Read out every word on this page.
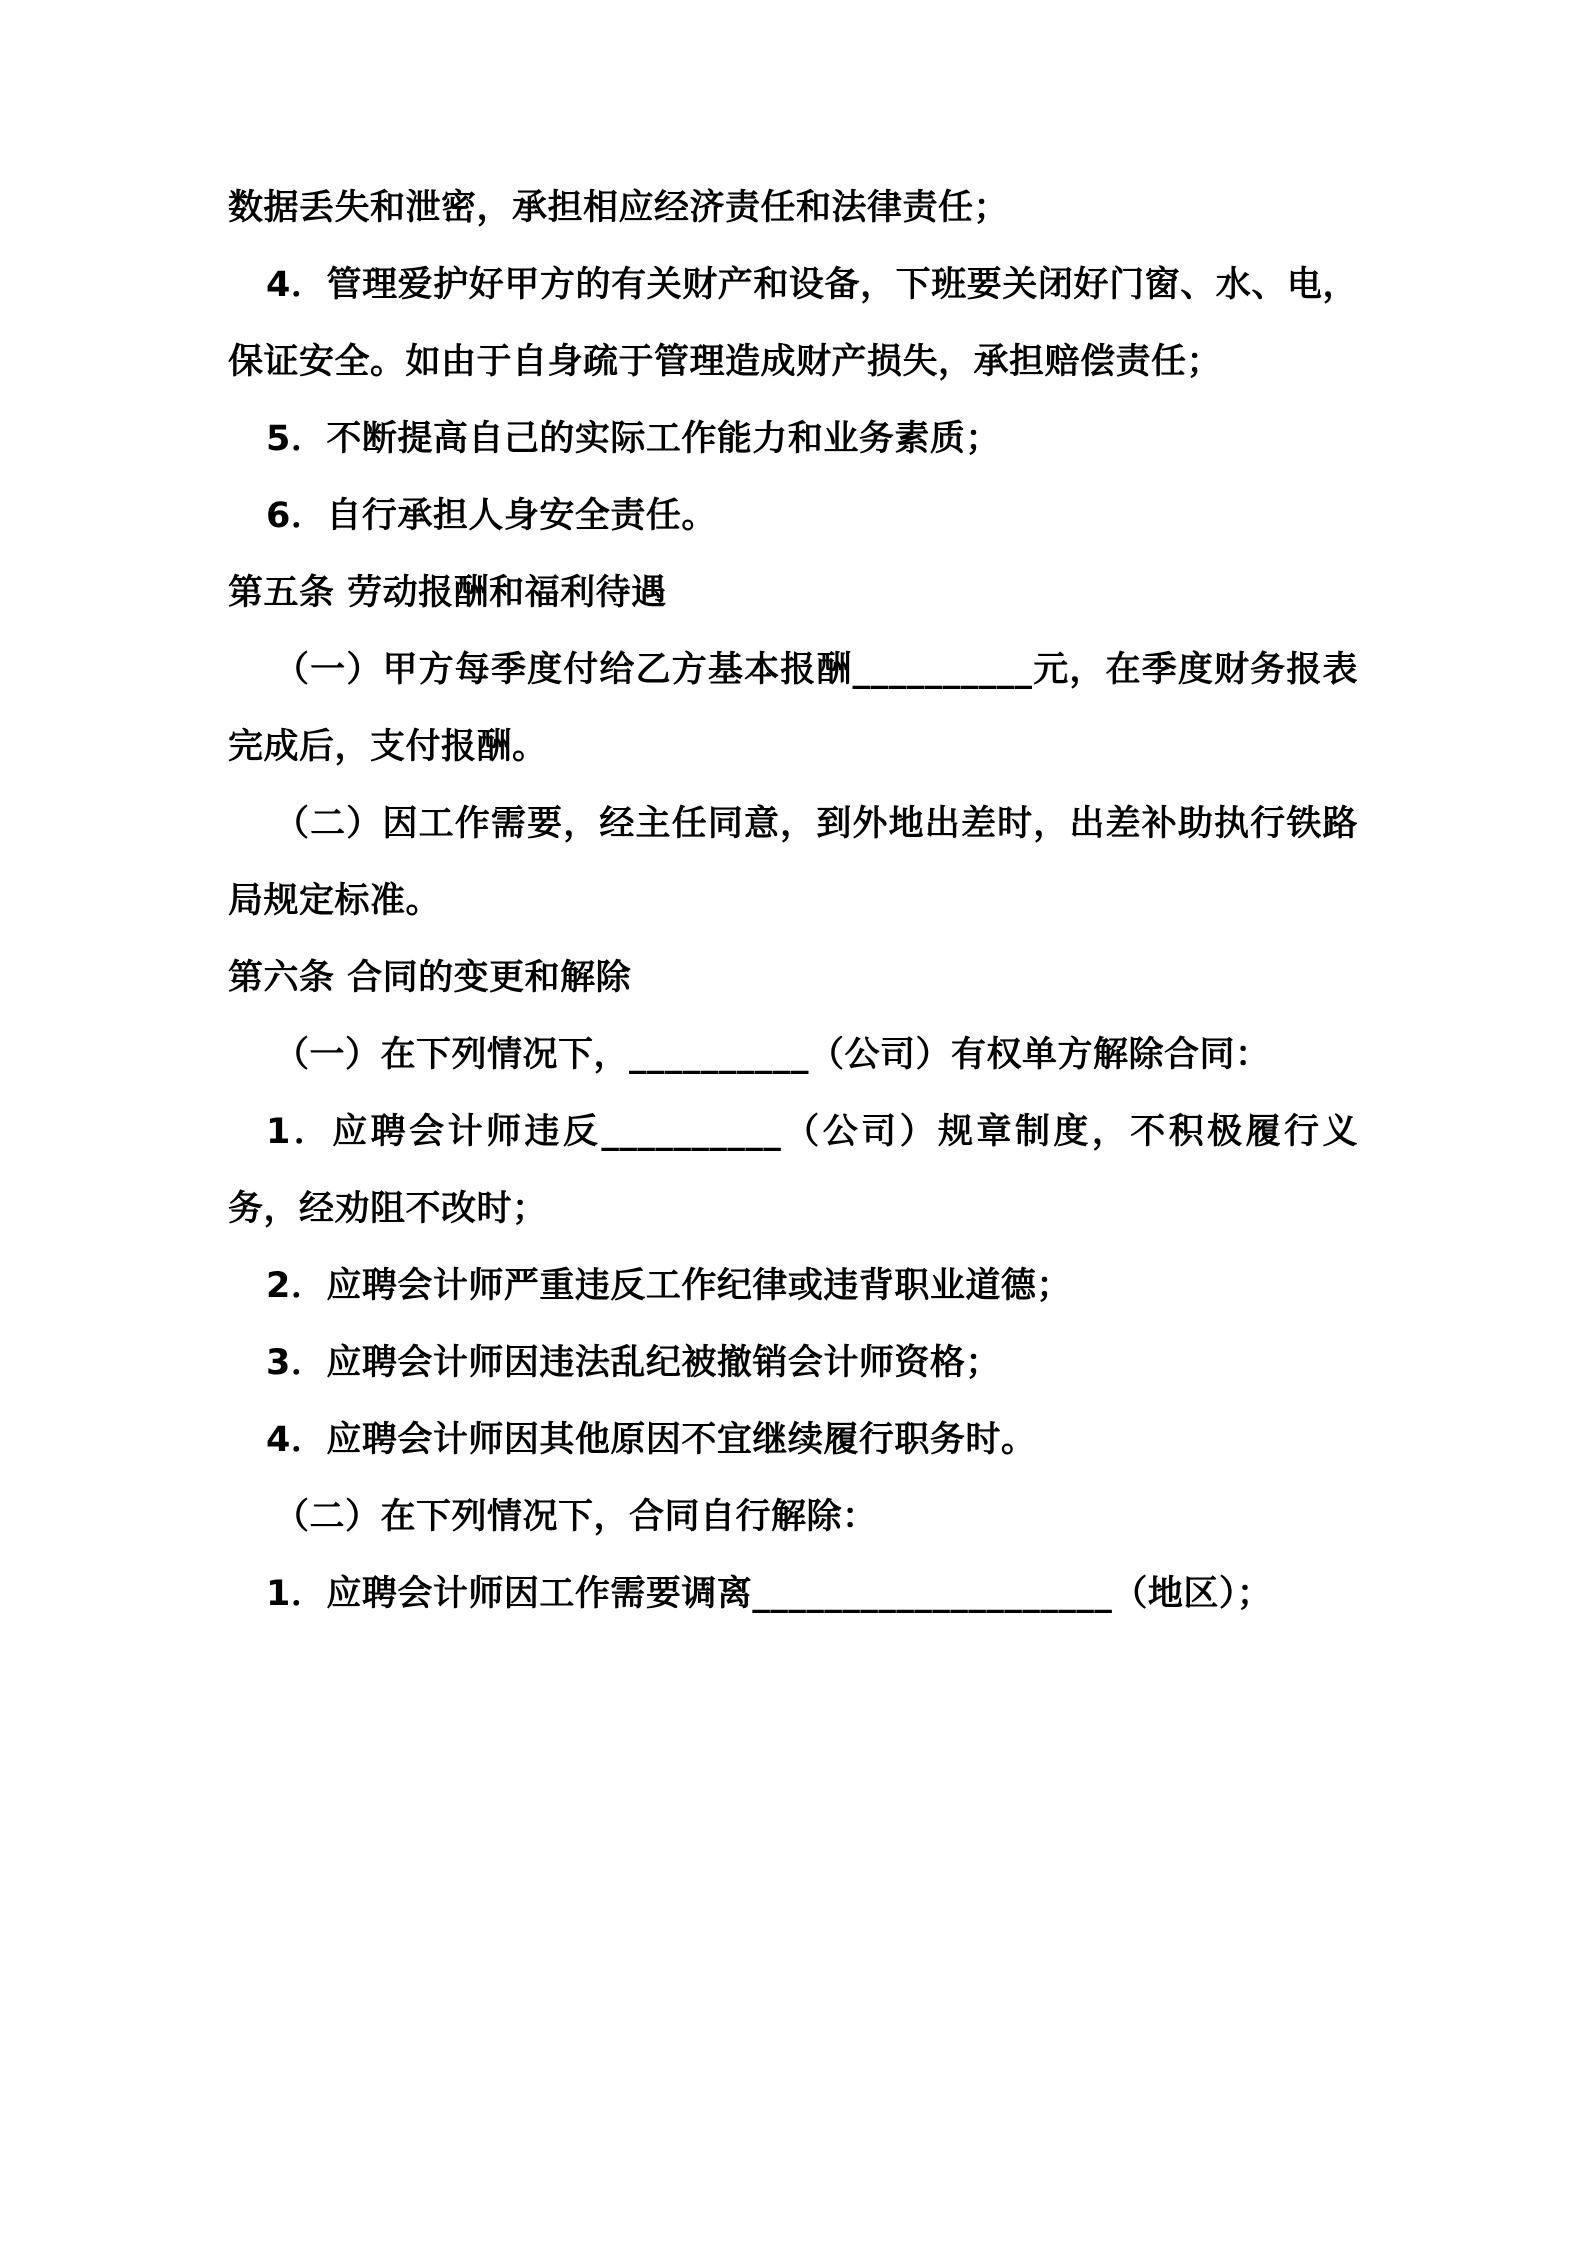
数据丢失和泄密，承担相应经济责任和法律责任；

4．管理爱护好甲方的有关财产和设备，下班要关闭好门窗、水、电，保证安全。如由于自身疏于管理造成财产损失，承担赔偿责任；

5．不断提高自己的实际工作能力和业务素质；

6．自行承担人身安全责任。

第五条 劳动报酬和福利待遇

（一）甲方每季度付给乙方基本报酬__________元，在季度财务报表完成后，支付报酬。

（二）因工作需要，经主任同意，到外地出差时，出差补助执行铁路局规定标准。

第六条 合同的变更和解除

（一）在下列情况下，__________（公司）有权单方解除合同：

1．应聘会计师违反__________（公司）规章制度，不积极履行义务，经劝阻不改时；

2．应聘会计师严重违反工作纪律或违背职业道德；

3．应聘会计师因违法乱纪被撤销会计师资格；

4．应聘会计师因其他原因不宜继续履行职务时。

（二）在下列情况下，合同自行解除：

1．应聘会计师因工作需要调离____________________（地区）；
